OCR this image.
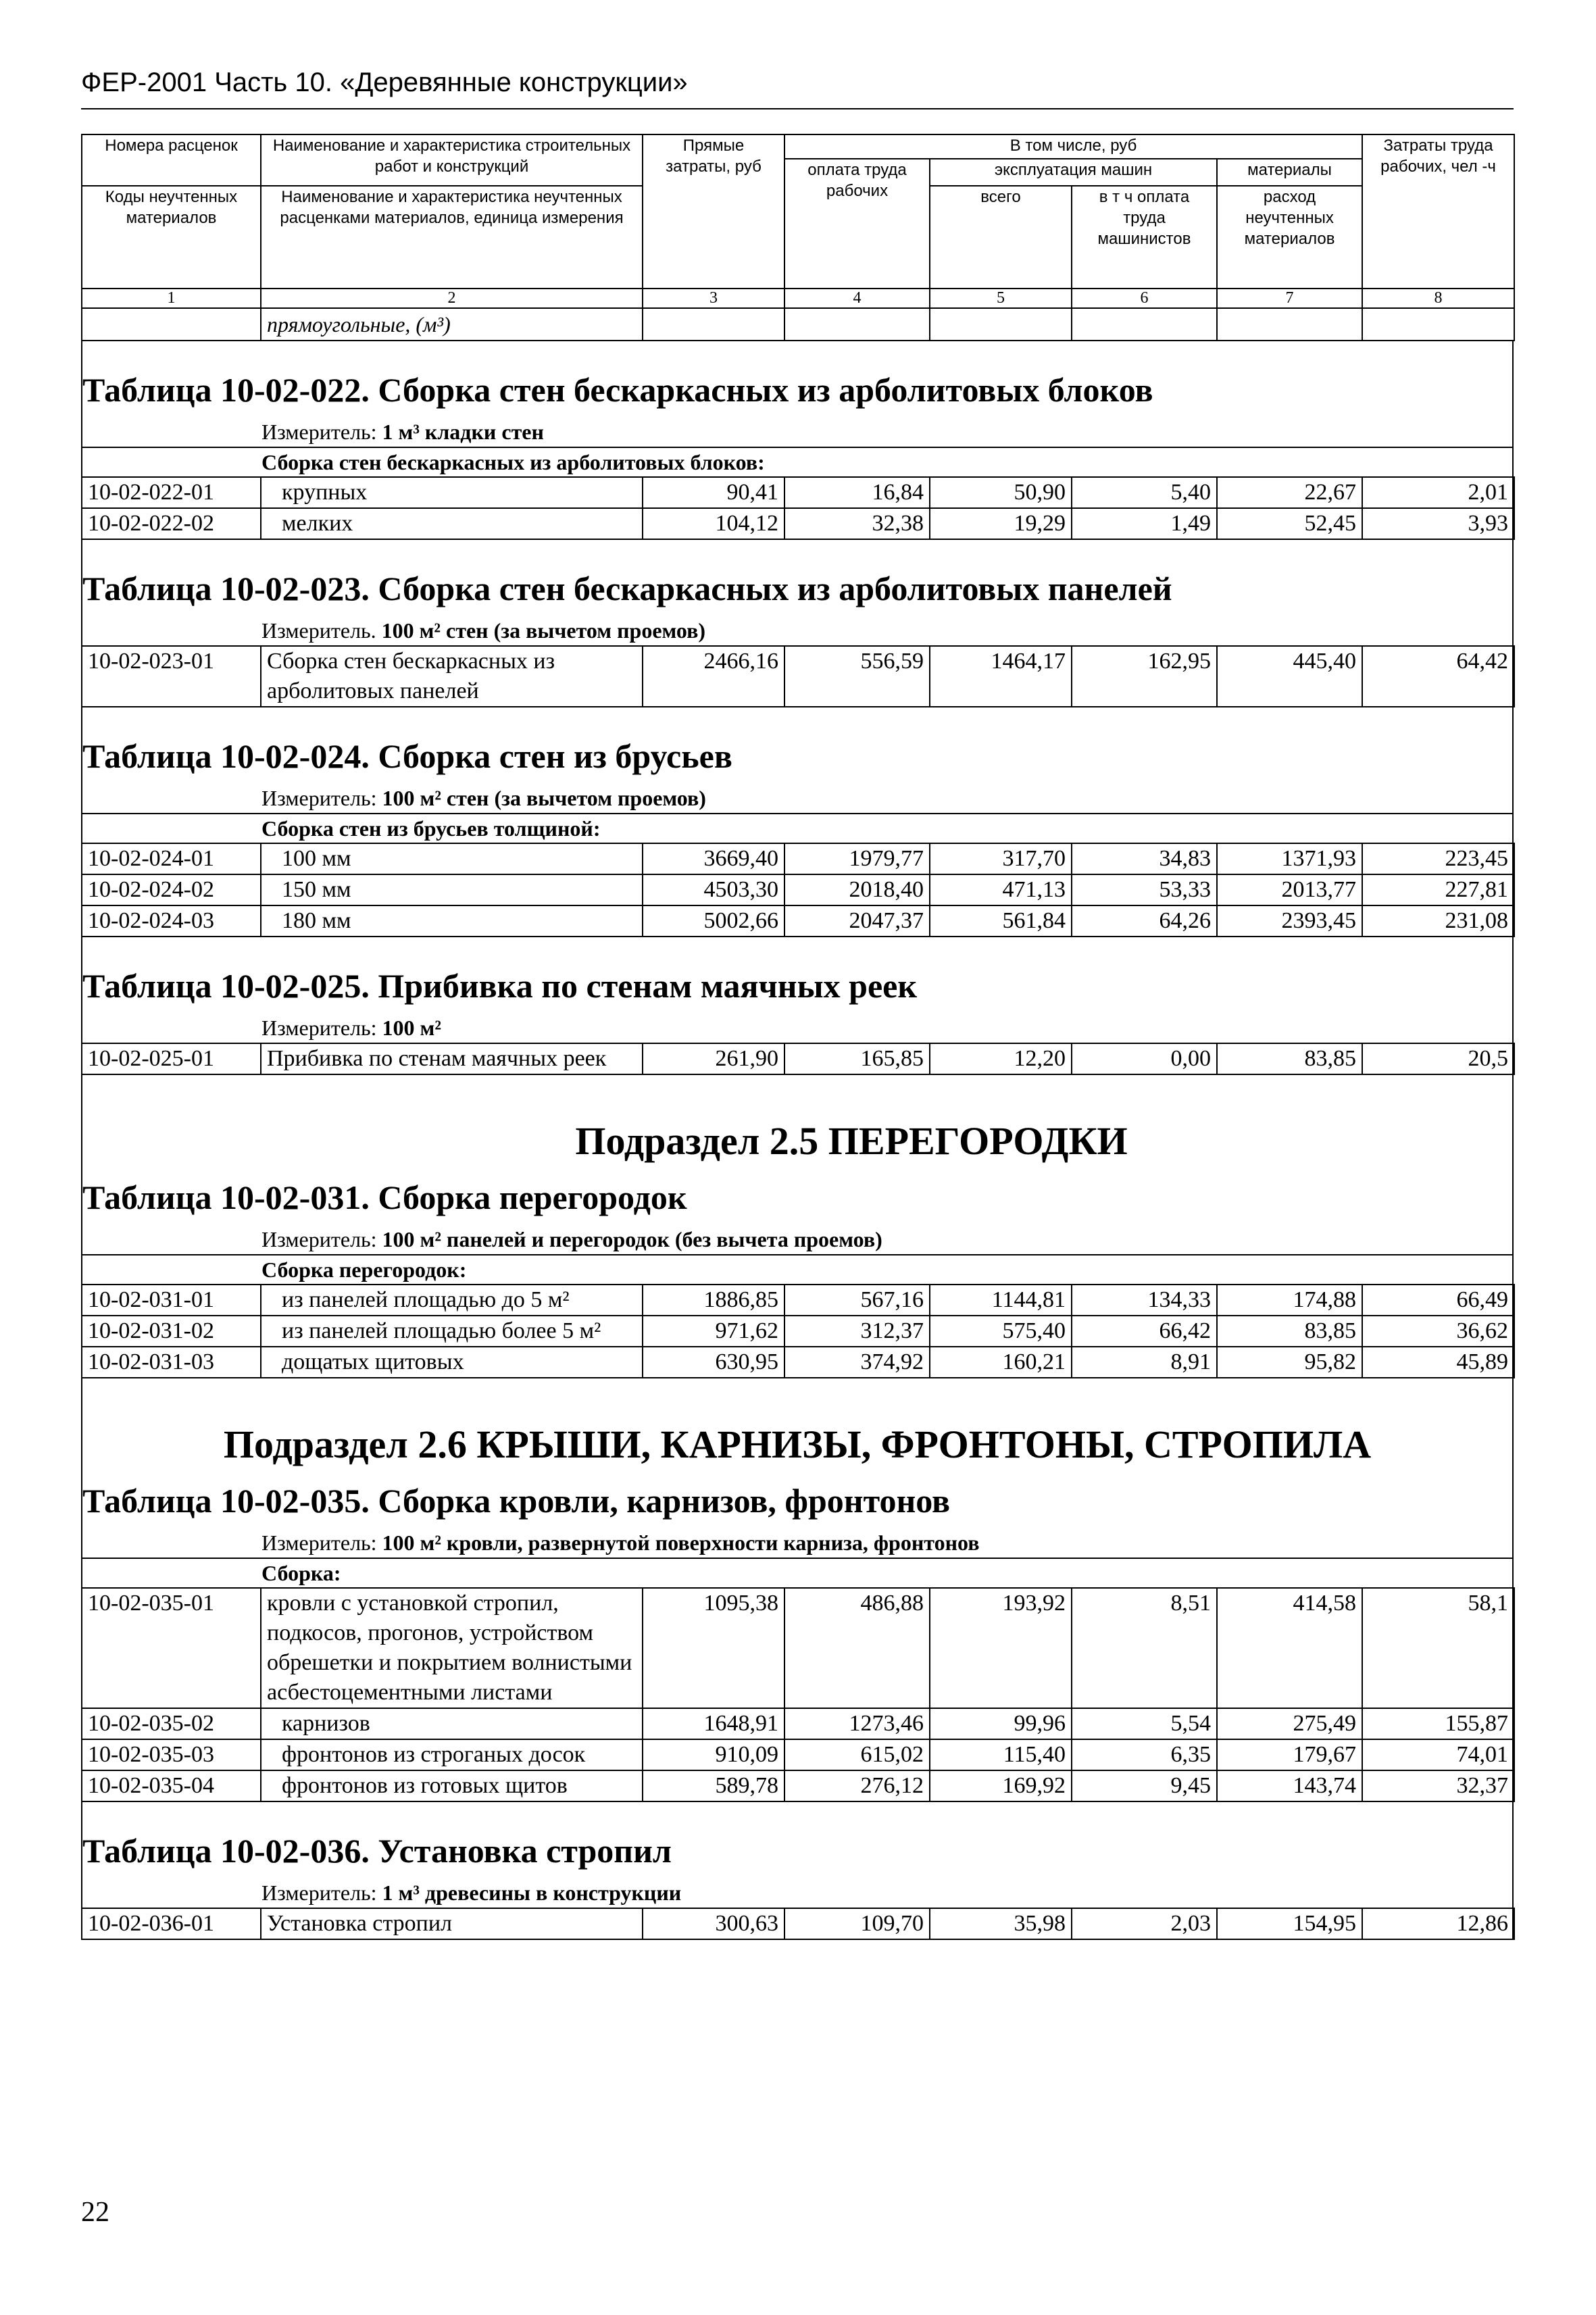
ФЕР-2001 Часть 10. «Деревянные конструкции»
Номера расценок	Наименование и характеристика строительных работ и конструкций	Прямые затраты, руб	В том числе, руб				Затраты труда рабочих, чел -ч
			оплата труда рабочих	эксплуатация машин		материалы	
Коды неучтенных материалов	Наименование и характеристика неучтенных расценками материалов, единица измерения			всего	в т ч оплата труда машинистов	расход неучтенных материалов	

1	2	3	4	5	6	7	8
	прямоугольные, (м³)						
Таблица 10-02-022. Сборка стен бескаркасных из арболитовых блоков
Измеритель: 1 м³ кладки стен
Сборка стен бескаркасных из арболитовых блоков:
10-02-022-01	крупных	90,41	16,84	50,90	5,40	22,67	2,01
10-02-022-02	мелких	104,12	32,38	19,29	1,49	52,45	3,93
Таблица 10-02-023. Сборка стен бескаркасных из арболитовых панелей
Измеритель. 100 м² стен (за вычетом проемов)
10-02-023-01	Сборка стен бескаркасных из арболитовых панелей	2466,16	556,59	1464,17	162,95	445,40	64,42
Таблица 10-02-024. Сборка стен из брусьев
Измеритель: 100 м² стен (за вычетом проемов)
Сборка стен из брусьев толщиной:
10-02-024-01	100 мм	3669,40	1979,77	317,70	34,83	1371,93	223,45
10-02-024-02	150 мм	4503,30	2018,40	471,13	53,33	2013,77	227,81
10-02-024-03	180 мм	5002,66	2047,37	561,84	64,26	2393,45	231,08
Таблица 10-02-025. Прибивка по стенам маячных реек
Измеритель: 100 м²
10-02-025-01	Прибивка по стенам маячных реек	261,90	165,85	12,20	0,00	83,85	20,5
Подраздел 2.5 ПЕРЕГОРОДКИ
Таблица 10-02-031. Сборка перегородок
Измеритель: 100 м² панелей и перегородок (без вычета проемов)
Сборка перегородок:
10-02-031-01	из панелей площадью до 5 м²	1886,85	567,16	1144,81	134,33	174,88	66,49
10-02-031-02	из панелей площадью более 5 м²	971,62	312,37	575,40	66,42	83,85	36,62
10-02-031-03	дощатых щитовых	630,95	374,92	160,21	8,91	95,82	45,89
Подраздел 2.6 КРЫШИ, КАРНИЗЫ, ФРОНТОНЫ, СТРОПИЛА
Таблица 10-02-035. Сборка кровли, карнизов, фронтонов
Измеритель: 100 м² кровли, развернутой поверхности карниза, фронтонов
Сборка:
10-02-035-01	кровли с установкой стропил, подкосов, прогонов, устройством обрешетки и покрытием волнистыми асбестоцементными листами	1095,38	486,88	193,92	8,51	414,58	58,1
10-02-035-02	карнизов	1648,91	1273,46	99,96	5,54	275,49	155,87
10-02-035-03	фронтонов из строганых досок	910,09	615,02	115,40	6,35	179,67	74,01
10-02-035-04	фронтонов из готовых щитов	589,78	276,12	169,92	9,45	143,74	32,37
Таблица 10-02-036. Установка стропил
Измеритель: 1 м³ древесины в конструкции
10-02-036-01	Установка стропил	300,63	109,70	35,98	2,03	154,95	12,86
22
